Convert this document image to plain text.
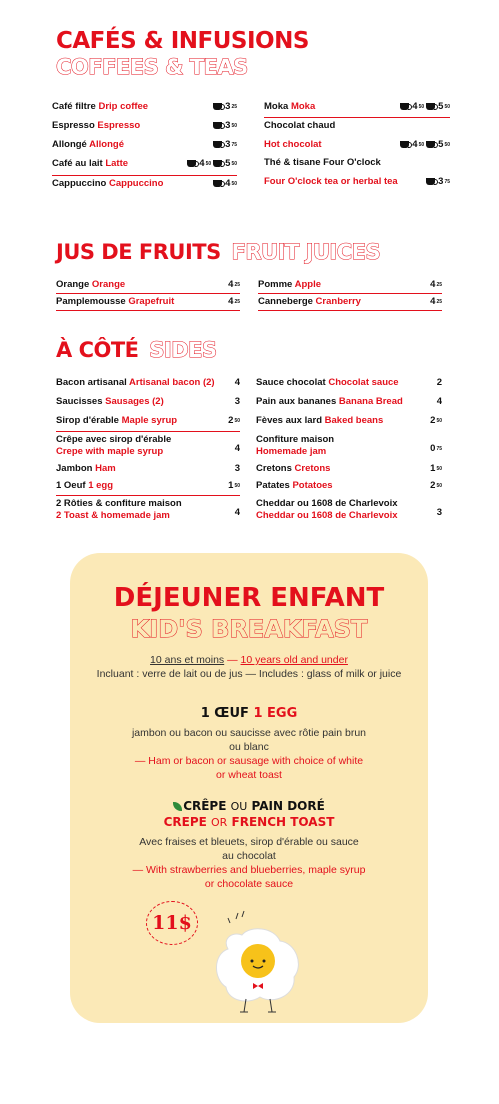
CAFÉS & INFUSIONS
COFFEES & TEAS
Café filtre Drip coffee	3 25
Espresso Espresso	3 50
Allongé Allongé	3 75
Café au lait Latte	4 50 5 50
Cappuccino Cappuccino	4 50
Moka Moka	4 50 5 50
Chocolat chaud
Hot chocolat	4 50 5 50
Thé & tisane Four O'clock
Four O'clock tea or herbal tea	3 75
JUS DE FRUITS FRUIT JUICES
Orange Orange	4 25
Pamplemousse Grapefruit	4 25
Pomme Apple	4 25
Canneberge Cranberry	4 25
À CÔTÉ SIDES
Bacon artisanal Artisanal bacon (2)	4
Saucisses Sausages (2)	3
Sirop d'érable Maple syrup	2 50
Crêpe avec sirop d'érable
Crepe with maple syrup	4
Jambon Ham	3
1 Oeuf 1 egg	1 50
2 Rôties & confiture maison
2 Toast & homemade jam	4
Sauce chocolat Chocolat sauce	2
Pain aux bananes Banana Bread	4
Fèves aux lard Baked beans	2 50
Confiture maison
Homemade jam	0 75
Cretons Cretons	1 50
Patates Potatoes	2 50
Cheddar ou 1608 de Charlevoix
Cheddar ou 1608 de Charlevoix	3
DÉJEUNER ENFANT
KID'S BREAKFAST
10 ans et moins — 10 years old and under
Incluant : verre de lait ou de jus — Includes : glass of milk or juice
1 ŒUF 1 EGG
jambon ou bacon ou saucisse avec rôtie pain brun ou blanc
— Ham or bacon or sausage with choice of white or wheat toast
CRÊPE OU PAIN DORÉ
CREPE OR FRENCH TOAST
Avec fraises et bleuets, sirop d'érable ou sauce au chocolat
— With strawberries and blueberries, maple syrup or chocolate sauce
11$
